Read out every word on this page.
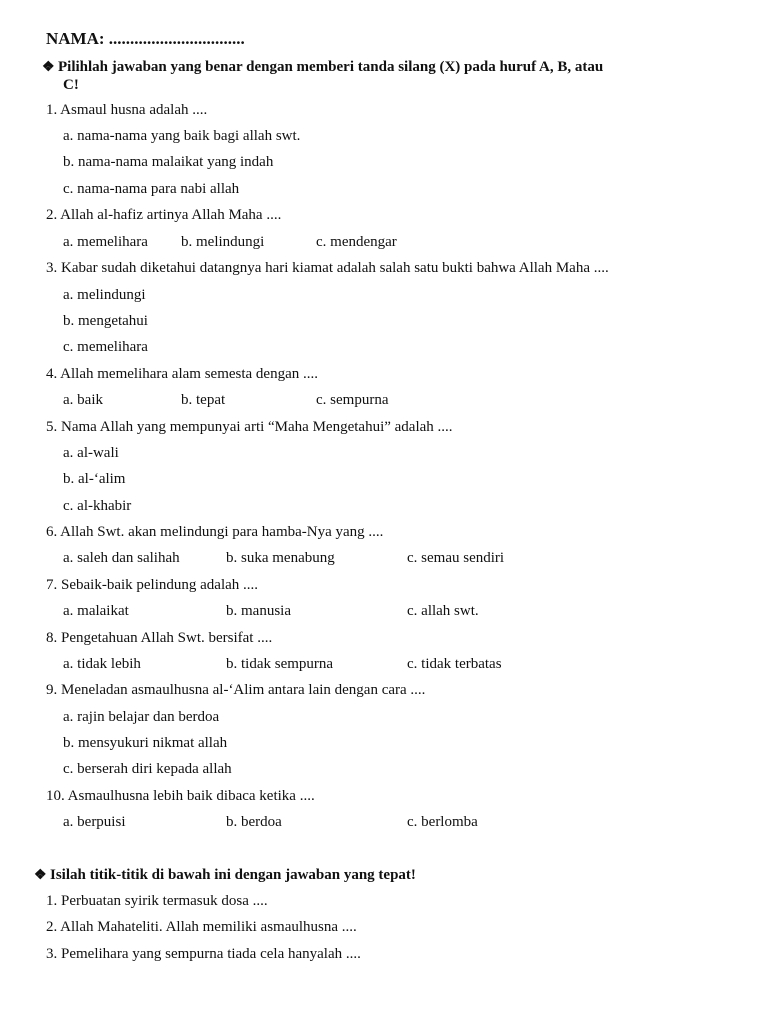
NAMA: ................................
❖ Pilihlah jawaban yang benar dengan memberi tanda silang (X) pada huruf A, B, atau
C!
1. Asmaul husna adalah ....
a. nama-nama yang baik bagi allah swt.
b. nama-nama malaikat yang indah
c. nama-nama para nabi allah
2. Allah al-hafiz artinya Allah Maha ....
a. memelihara b. melindungi	c. mendengar
3. Kabar sudah diketahui datangnya hari kiamat adalah salah satu bukti bahwa Allah Maha ....
a. melindungi
b. mengetahui
c. memelihara
4. Allah memelihara alam semesta dengan ....
a. baik	b. tepat	c. sempurna
5. Nama Allah yang mempunyai arti “Maha Mengetahui” adalah ....
a. al-wali
b. al-‘alim
c. al-khabir
6. Allah Swt. akan melindungi para hamba-Nya yang ....
a. saleh dan salihah	b. suka menabung	c. semau sendiri
7. Sebaik-baik pelindung adalah ....
a. malaikat	b. manusia	c. allah swt.
8. Pengetahuan Allah Swt. bersifat ....
a. tidak lebih	b. tidak sempurna	c. tidak terbatas
9. Meneladan asmaulhusna al-‘Alim antara lain dengan cara ....
a. rajin belajar dan berdoa
b. mensyukuri nikmat allah
c. berserah diri kepada allah
10. Asmaulhusna lebih baik dibaca ketika ....
a. berpuisi	b. berdoa	c. berlomba
❖ Isilah titik-titik di bawah ini dengan jawaban yang tepat!
1. Perbuatan syirik termasuk dosa ....
2. Allah Mahateliti. Allah memiliki asmaulhusna ....
3. Pemelihara yang sempurna tiada cela hanyalah ....
